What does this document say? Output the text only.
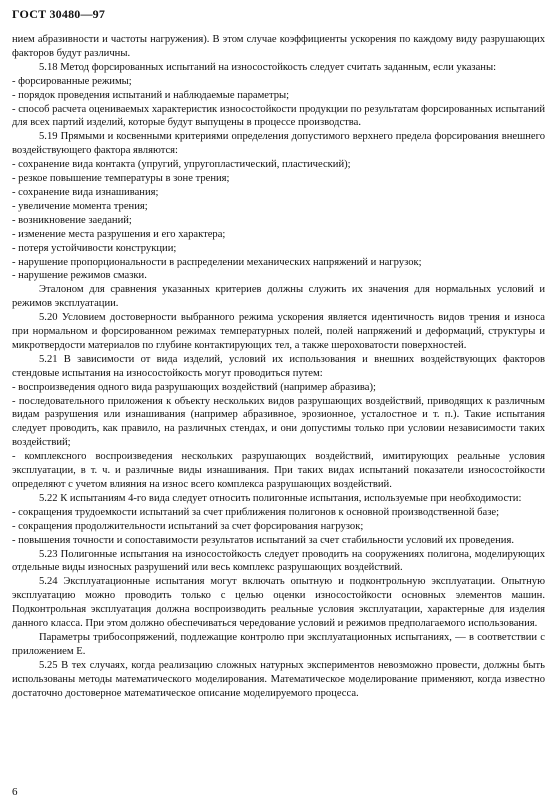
ГОСТ 30480—97

нием абразивности и частоты нагружения). В этом случае коэффициенты ускорения по каждому виду разрушающих факторов будут различны.

5.18 Метод форсированных испытаний на износостойкость следует считать заданным, если указаны:

- форсированные режимы;

- порядок проведения испытаний и наблюдаемые параметры;

- способ расчета оцениваемых характеристик износостойкости продукции по результатам форсированных испытаний для всех партий изделий, которые будут выпущены в процессе производства.

5.19 Прямыми и косвенными критериями определения допустимого верхнего предела форсирования внешнего воздействующего фактора являются:

- сохранение вида контакта (упругий, упругопластический, пластический);

- резкое повышение температуры в зоне трения;

- сохранение вида изнашивания;

- увеличение момента трения;

- возникновение заеданий;

- изменение места разрушения и его характера;

- потеря устойчивости конструкции;

- нарушение пропорциональности в распределении механических напряжений и нагрузок;

- нарушение режимов смазки.

Эталоном для сравнения указанных критериев должны служить их значения для нормальных условий и режимов эксплуатации.

5.20 Условием достоверности выбранного режима ускорения является идентичность видов трения и износа при нормальном и форсированном режимах температурных полей, полей напряжений и деформаций, структуры и микротвердости материалов по глубине контактирующих тел, а также шероховатости поверхностей.

5.21 В зависимости от вида изделий, условий их использования и внешних воздействующих факторов стендовые испытания на износостойкость могут проводиться путем:

- воспроизведения одного вида разрушающих воздействий (например абразива);

- последовательного приложения к объекту нескольких видов разрушающих воздействий, приводящих к различным видам разрушения или изнашивания (например абразивное, эрозионное, усталостное и т. п.). Такие испытания следует проводить, как правило, на различных стендах, и они допустимы только при условии независимости таких воздействий;

- комплексного воспроизведения нескольких разрушающих воздействий, имитирующих реальные условия эксплуатации, в т. ч. и различные виды изнашивания. При таких видах испытаний показатели износостойкости определяют с учетом влияния на износ всего комплекса разрушающих воздействий.

5.22 К испытаниям 4-го вида следует относить полигонные испытания, используемые при необходимости:

- сокращения трудоемкости испытаний за счет приближения полигонов к основной производственной базе;

- сокращения продолжительности испытаний за счет форсирования нагрузок;

- повышения точности и сопоставимости результатов испытаний за счет стабильности условий их проведения.

5.23 Полигонные испытания на износостойкость следует проводить на сооружениях полигона, моделирующих отдельные виды износных разрушений или весь комплекс разрушающих воздействий.

5.24 Эксплуатационные испытания могут включать опытную и подконтрольную эксплуатации. Опытную эксплуатацию можно проводить только с целью оценки износостойкости основных элементов машин. Подконтрольная эксплуатация должна воспроизводить реальные условия эксплуатации, характерные для изделия данного класса. При этом должно обеспечиваться чередование условий и режимов предполагаемого использования.

Параметры трибосопряжений, подлежащие контролю при эксплуатационных испытаниях, — в соответствии с приложением Е.

5.25 В тех случаях, когда реализацию сложных натурных экспериментов невозможно провести, должны быть использованы методы математического моделирования. Математическое моделирование применяют, когда известно достаточно достоверное математическое описание моделируемого процесса.

6
